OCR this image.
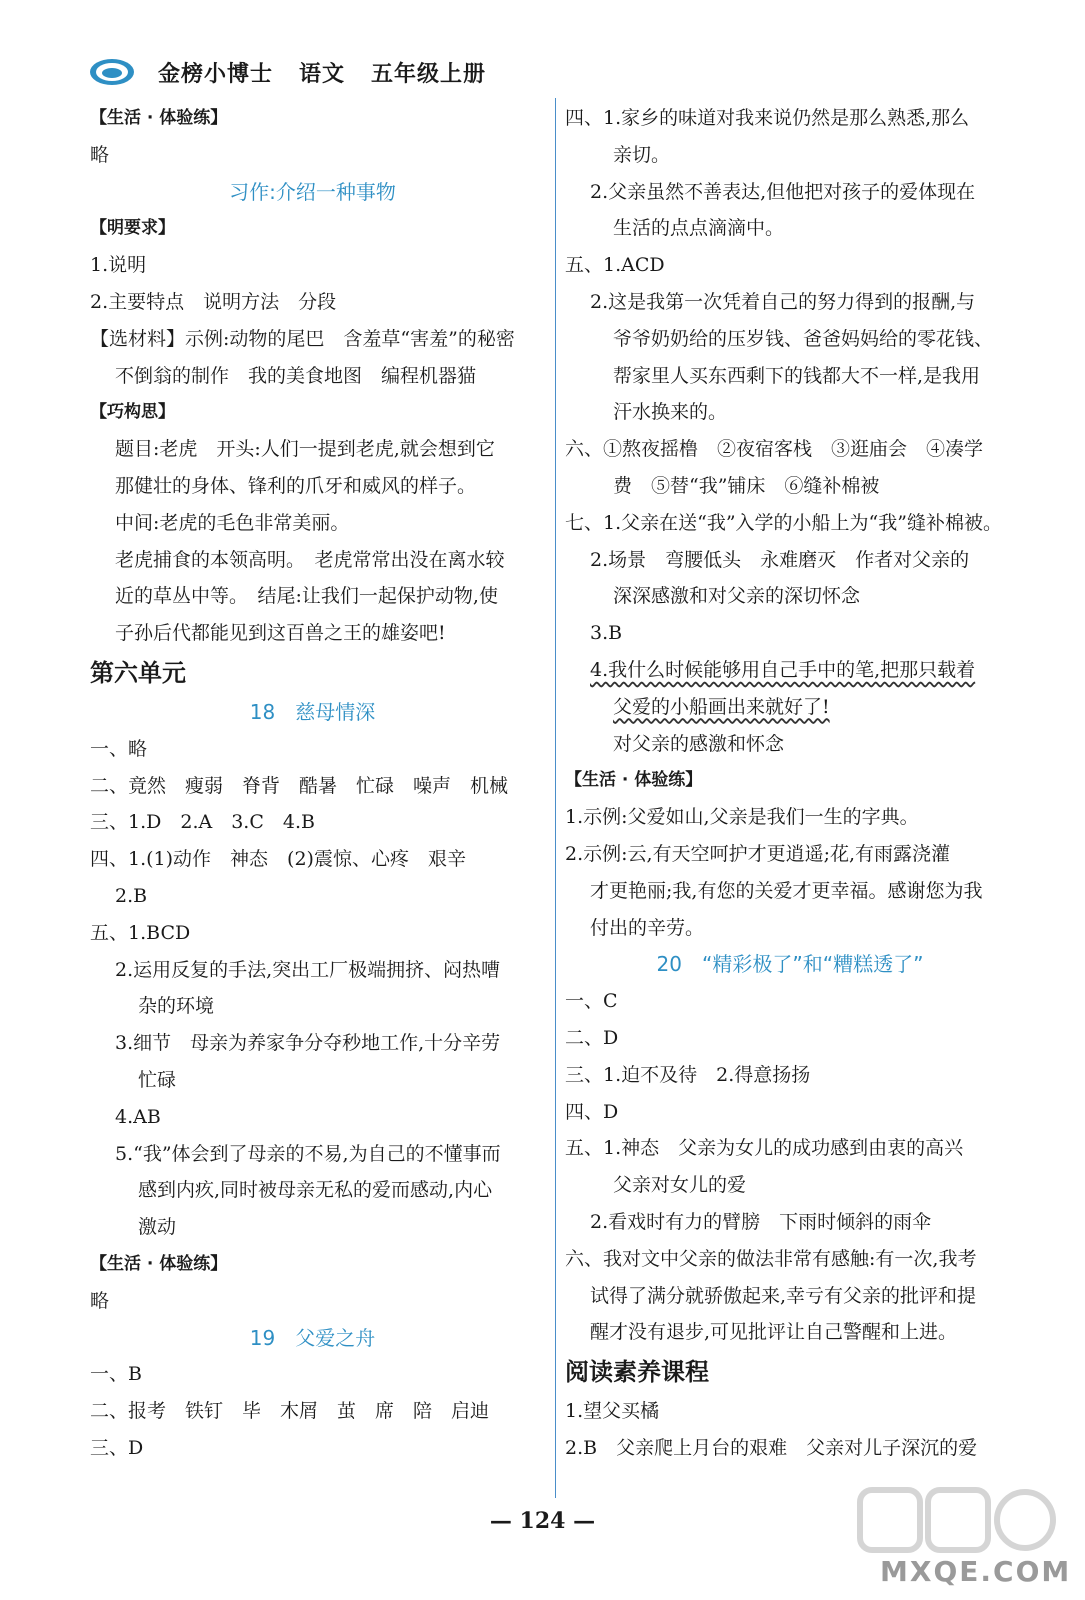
金榜小博士 语文 五年级上册
【生活 · 体验练】
略
习作:介绍一种事物
【明要求】
1.说明
2.主要特点　说明方法　分段
【选材料】示例:动物的尾巴　含羞草“害羞”的秘密
不倒翁的制作　我的美食地图　编程机器猫
【巧构思】
题目:老虎　开头:人们一提到老虎,就会想到它
那健壮的身体、锋利的爪牙和威风的样子。
中间:老虎的毛色非常美丽。
老虎捕食的本领高明。　老虎常常出没在离水较
近的草丛中等。　结尾:让我们一起保护动物,使
子孙后代都能见到这百兽之王的雄姿吧!
第六单元
18　慈母情深
一、略
二、竟然　瘦弱　脊背　酷暑　忙碌　噪声　机械
三、1.D　2.A　3.C　4.B
四、1.(1)动作　神态　(2)震惊、心疼　艰辛
2.B
五、1.BCD
2.运用反复的手法,突出工厂极端拥挤、闷热嘈
杂的环境
3.细节　母亲为养家争分夺秒地工作,十分辛劳
忙碌
4.AB
5.“我”体会到了母亲的不易,为自己的不懂事而
感到内疚,同时被母亲无私的爱而感动,内心
激动
【生活 · 体验练】
略
19　父爱之舟
一、B
二、报考　铁钉　毕　木屑　茧　席　陪　启迪
三、D
四、1.家乡的味道对我来说仍然是那么熟悉,那么
亲切。
2.父亲虽然不善表达,但他把对孩子的爱体现在
生活的点点滴滴中。
五、1.ACD
2.这是我第一次凭着自己的努力得到的报酬,与
爷爷奶奶给的压岁钱、爸爸妈妈给的零花钱、
帮家里人买东西剩下的钱都大不一样,是我用
汗水换来的。
六、①熬夜摇橹　②夜宿客栈　③逛庙会　④凑学
费　⑤替“我”铺床　⑥缝补棉被
七、1.父亲在送“我”入学的小船上为“我”缝补棉被。
2.场景　弯腰低头　永难磨灭　作者对父亲的
深深感激和对父亲的深切怀念
3.B
4.我什么时候能够用自己手中的笔,把那只载着
父爱的小船画出来就好了!
对父亲的感激和怀念
【生活 · 体验练】
1.示例:父爱如山,父亲是我们一生的字典。
2.示例:云,有天空呵护才更逍遥;花,有雨露浇灌
才更艳丽;我,有您的关爱才更幸福。感谢您为我
付出的辛劳。
20　“精彩极了”和“糟糕透了”
一、C
二、D
三、1.迫不及待　2.得意扬扬
四、D
五、1.神态　父亲为女儿的成功感到由衷的高兴
父亲对女儿的爱
2.看戏时有力的臂膀　下雨时倾斜的雨伞
六、我对文中父亲的做法非常有感触:有一次,我考
试得了满分就骄傲起来,幸亏有父亲的批评和提
醒才没有退步,可见批评让自己警醒和上进。
阅读素养课程
1.望父买橘
2.B　父亲爬上月台的艰难　父亲对儿子深沉的爱
— 124 —
MXQE.COM
